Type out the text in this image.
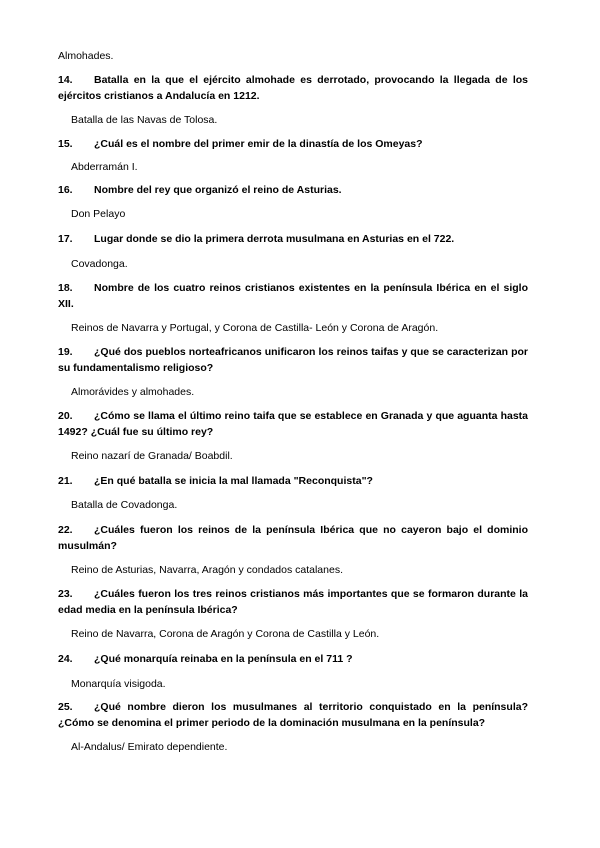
Almohades.
14. Batalla en la que el ejército almohade es derrotado, provocando la llegada de los ejércitos cristianos a Andalucía en 1212.
Batalla de las Navas de Tolosa.
15. ¿Cuál es el nombre del primer emir de la dinastía de los Omeyas?
Abderramán I.
16. Nombre del rey que organizó el reino de Asturias.
Don Pelayo
17. Lugar donde se dio la primera derrota musulmana en Asturias en el 722.
Covadonga.
18. Nombre de los cuatro reinos cristianos existentes en la península Ibérica en el siglo XII.
Reinos de Navarra y Portugal, y Corona de Castilla- León y Corona de Aragón.
19. ¿Qué dos pueblos norteafricanos unificaron los reinos taifas y que se caracterizan por su fundamentalismo religioso?
Almorávides y almohades.
20. ¿Cómo se llama el último reino taifa que se establece en Granada y que aguanta hasta 1492? ¿Cuál fue su último rey?
Reino nazarí de Granada/ Boabdil.
21. ¿En qué batalla se inicia la mal llamada "Reconquista"?
Batalla de Covadonga.
22. ¿Cuáles fueron los reinos de la península Ibérica que no cayeron bajo el dominio musulmán?
Reino de Asturias, Navarra, Aragón y condados catalanes.
23. ¿Cuáles fueron los tres reinos cristianos más importantes que se formaron durante la edad media en la península Ibérica?
Reino de Navarra, Corona de Aragón y Corona de Castilla y León.
24. ¿Qué monarquía reinaba en la península en el 711 ?
Monarquía visigoda.
25. ¿Qué nombre dieron los musulmanes al territorio conquistado en la península? ¿Cómo se denomina el primer periodo de la dominación musulmana en la península?
Al-Andalus/ Emirato dependiente.
